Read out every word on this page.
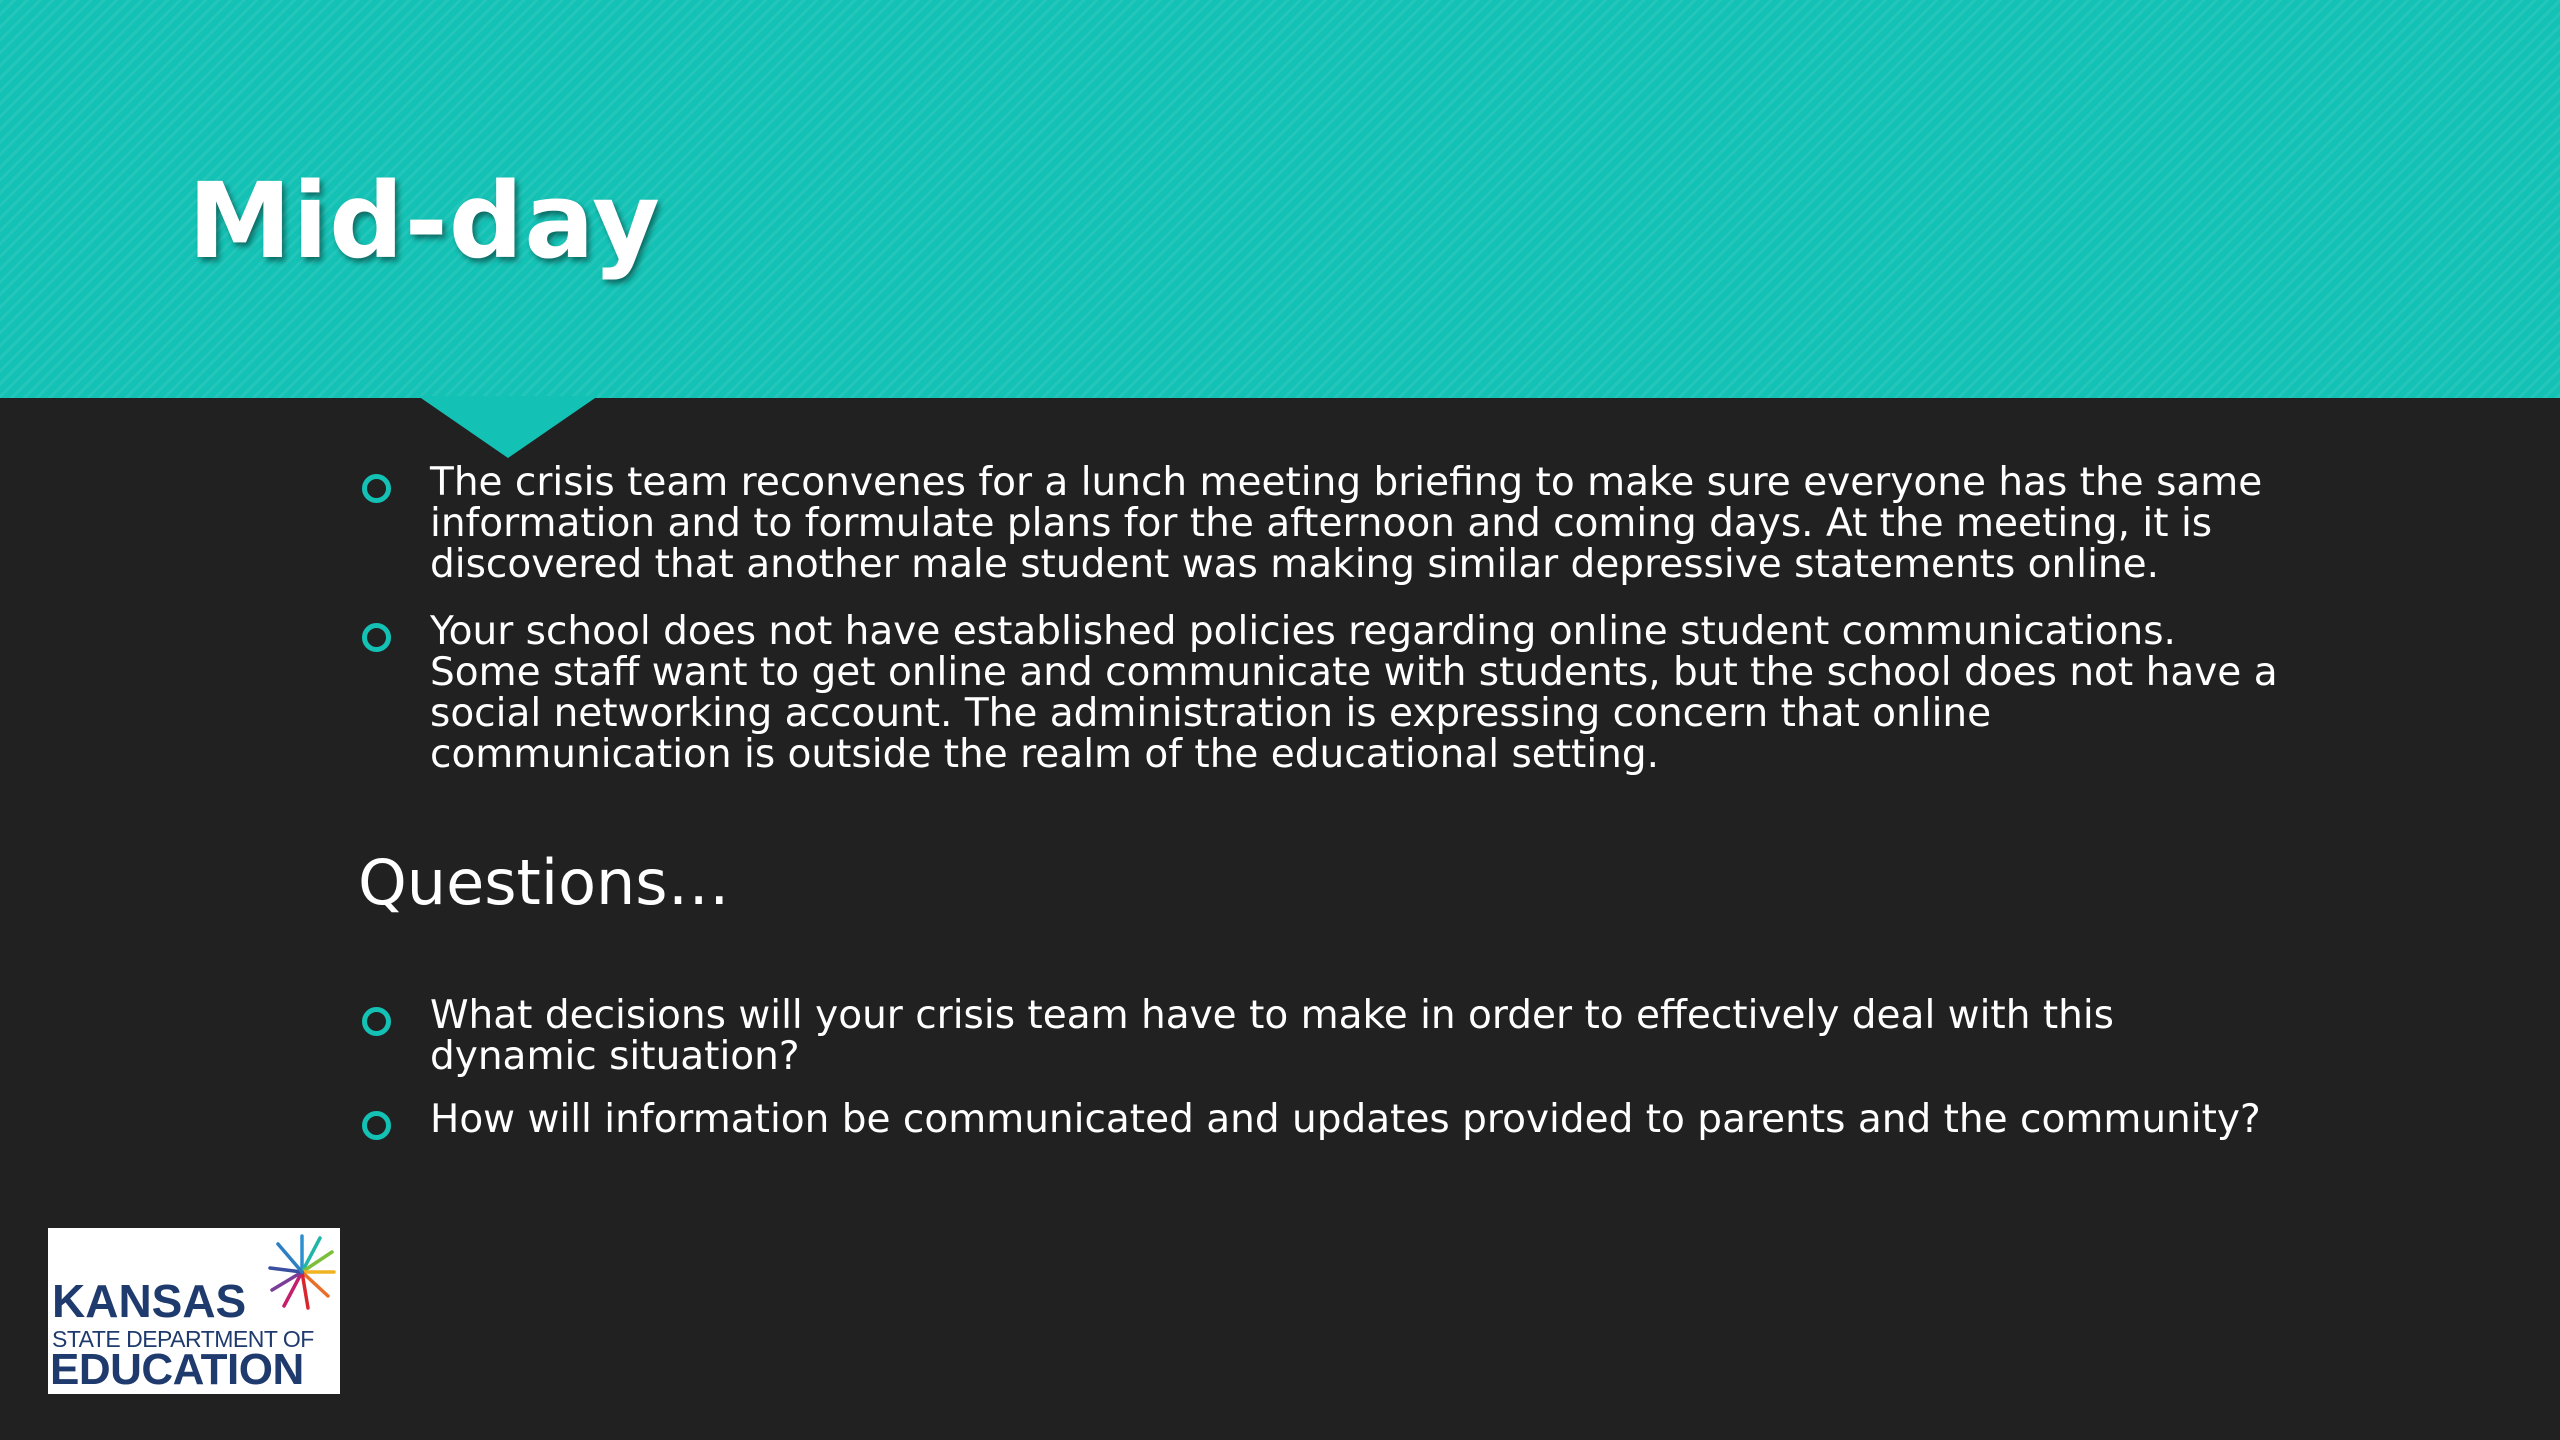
Mid-day
The crisis team reconvenes for a lunch meeting briefing to make sure everyone has the same information and to formulate plans for the afternoon and coming days. At the meeting, it is discovered that another male student was making similar depressive statements online.
Your school does not have established policies regarding online student communications. Some staff want to get online and communicate with students, but the school does not have a social networking account. The administration is expressing concern that online communication is outside the realm of the educational setting.
Questions…
What decisions will your crisis team have to make in order to effectively deal with this dynamic situation?
How will information be communicated and updates provided to parents and the community?
KANSAS
STATE DEPARTMENT OF
EDUCATION
